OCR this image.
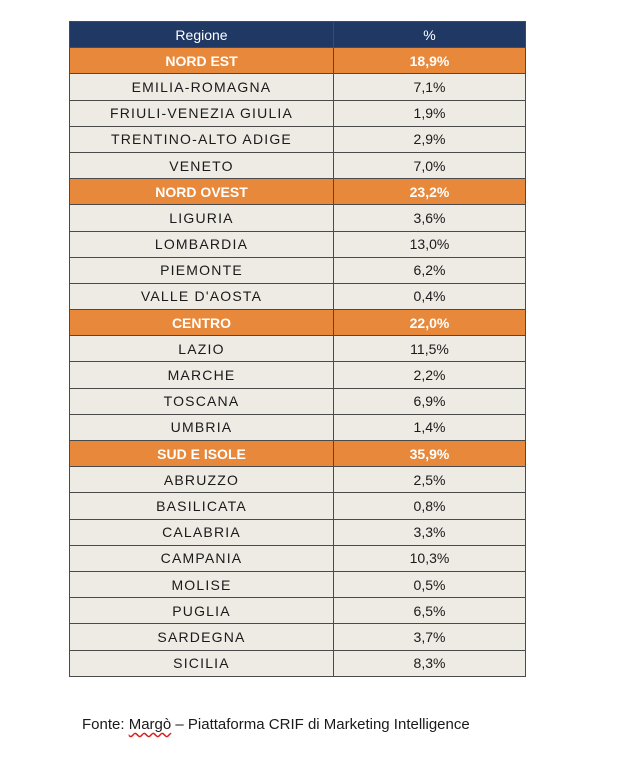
Regione	%
NORD EST	18,9%
EMILIA-ROMAGNA	7,1%
FRIULI-VENEZIA GIULIA	1,9%
TRENTINO-ALTO ADIGE	2,9%
VENETO	7,0%
NORD OVEST	23,2%
LIGURIA	3,6%
LOMBARDIA	13,0%
PIEMONTE	6,2%
VALLE D'AOSTA	0,4%
CENTRO	22,0%
LAZIO	11,5%
MARCHE	2,2%
TOSCANA	6,9%
UMBRIA	1,4%
SUD E ISOLE	35,9%
ABRUZZO	2,5%
BASILICATA	0,8%
CALABRIA	3,3%
CAMPANIA	10,3%
MOLISE	0,5%
PUGLIA	6,5%
SARDEGNA	3,7%
SICILIA	8,3%
Fonte: Margò – Piattaforma CRIF di Marketing Intelligence
